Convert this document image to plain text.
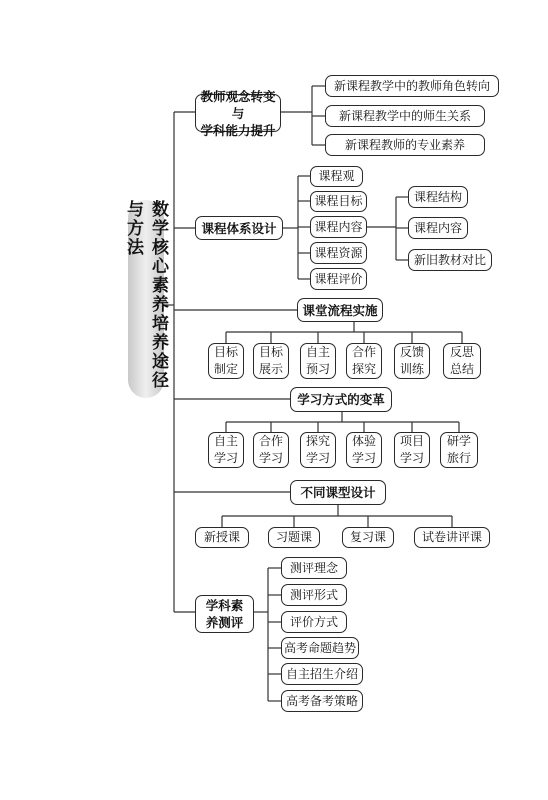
数学核心素养培养途径与方法
教师观念转变与
学科能力提升
新课程教学中的教师角色转向
新课程教学中的师生关系
新课程教师的专业素养
课程体系设计
课程观
课程目标
课程内容
课程资源
课程评价
课程结构
课程内容
新旧教材对比
课堂流程实施
目标
制定
目标
展示
自主
预习
合作
探究
反馈
训练
反思
总结
学习方式的变革
自主
学习
合作
学习
探究
学习
体验
学习
项目
学习
研学
旅行
不同课型设计
新授课	习题课	复习课	试卷讲评课
学科素
养测评
测评理念
测评形式
评价方式
高考命题趋势
自主招生介绍
高考备考策略
